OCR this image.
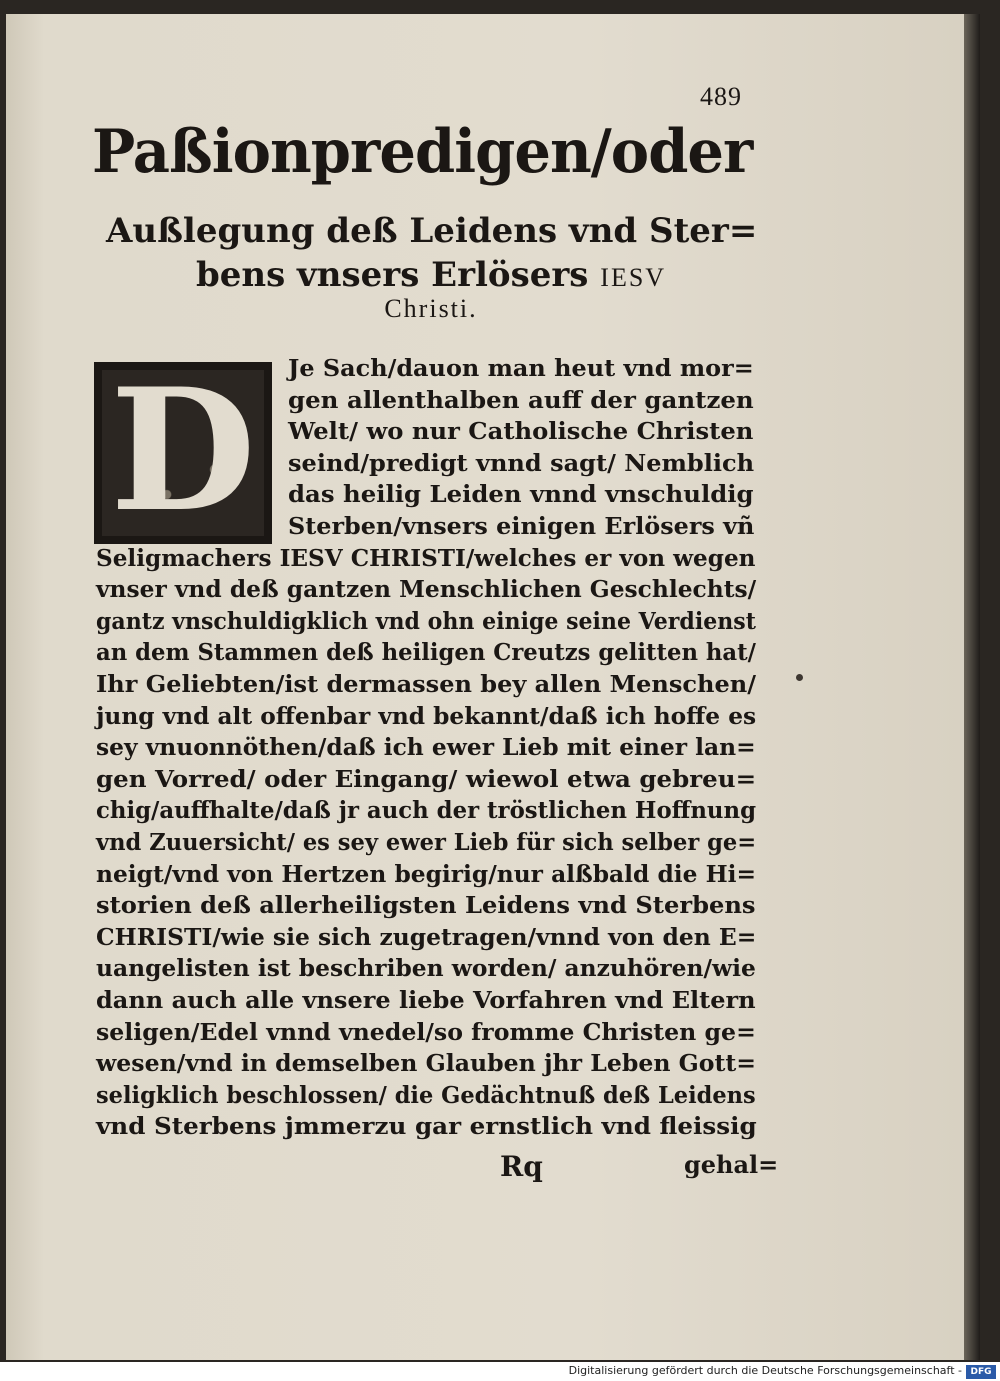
489
Paßionpredigen/oder
Außlegung deß Leidens vnd Ster=
bens vnsers Erlösers IESV
Christi.
D	Je Sach/dauon man heut vnd mor=
gen allenthalben auff der gantzen
Welt/ wo nur Catholische Christen
seind/predigt vnnd sagt/ Nemblich
das heilig Leiden vnnd vnschuldig
Sterben/vnsers einigen Erlösers vñ
Seligmachers IESV CHRISTI/welches er von wegen
vnser vnd deß gantzen Menschlichen Geschlechts/
gantz vnschuldigklich vnd ohn einige seine Verdienst
an dem Stammen deß heiligen Creutzs gelitten hat/
Ihr Geliebten/ist dermassen bey allen Menschen/
jung vnd alt offenbar vnd bekannt/daß ich hoffe es
sey vnuonnöthen/daß ich ewer Lieb mit einer lan=
gen Vorred/ oder Eingang/ wiewol etwa gebreu=
chig/auffhalte/daß jr auch der tröstlichen Hoffnung
vnd Zuuersicht/ es sey ewer Lieb für sich selber ge=
neigt/vnd von Hertzen begirig/nur alßbald die Hi=
storien deß allerheiligsten Leidens vnd Sterbens
CHRISTI/wie sie sich zugetragen/vnnd von den E=
uangelisten ist beschriben worden/ anzuhören/wie
dann auch alle vnsere liebe Vorfahren vnd Eltern
seligen/Edel vnnd vnedel/so fromme Christen ge=
wesen/vnd in demselben Glauben jhr Leben Gott=
seligklich beschlossen/ die Gedächtnuß deß Leidens
vnd Sterbens jmmerzu gar ernstlich vnd fleissig
Rq	gehal=
Digitalisierung gefördert durch die Deutsche Forschungsgemeinschaft - DFG
